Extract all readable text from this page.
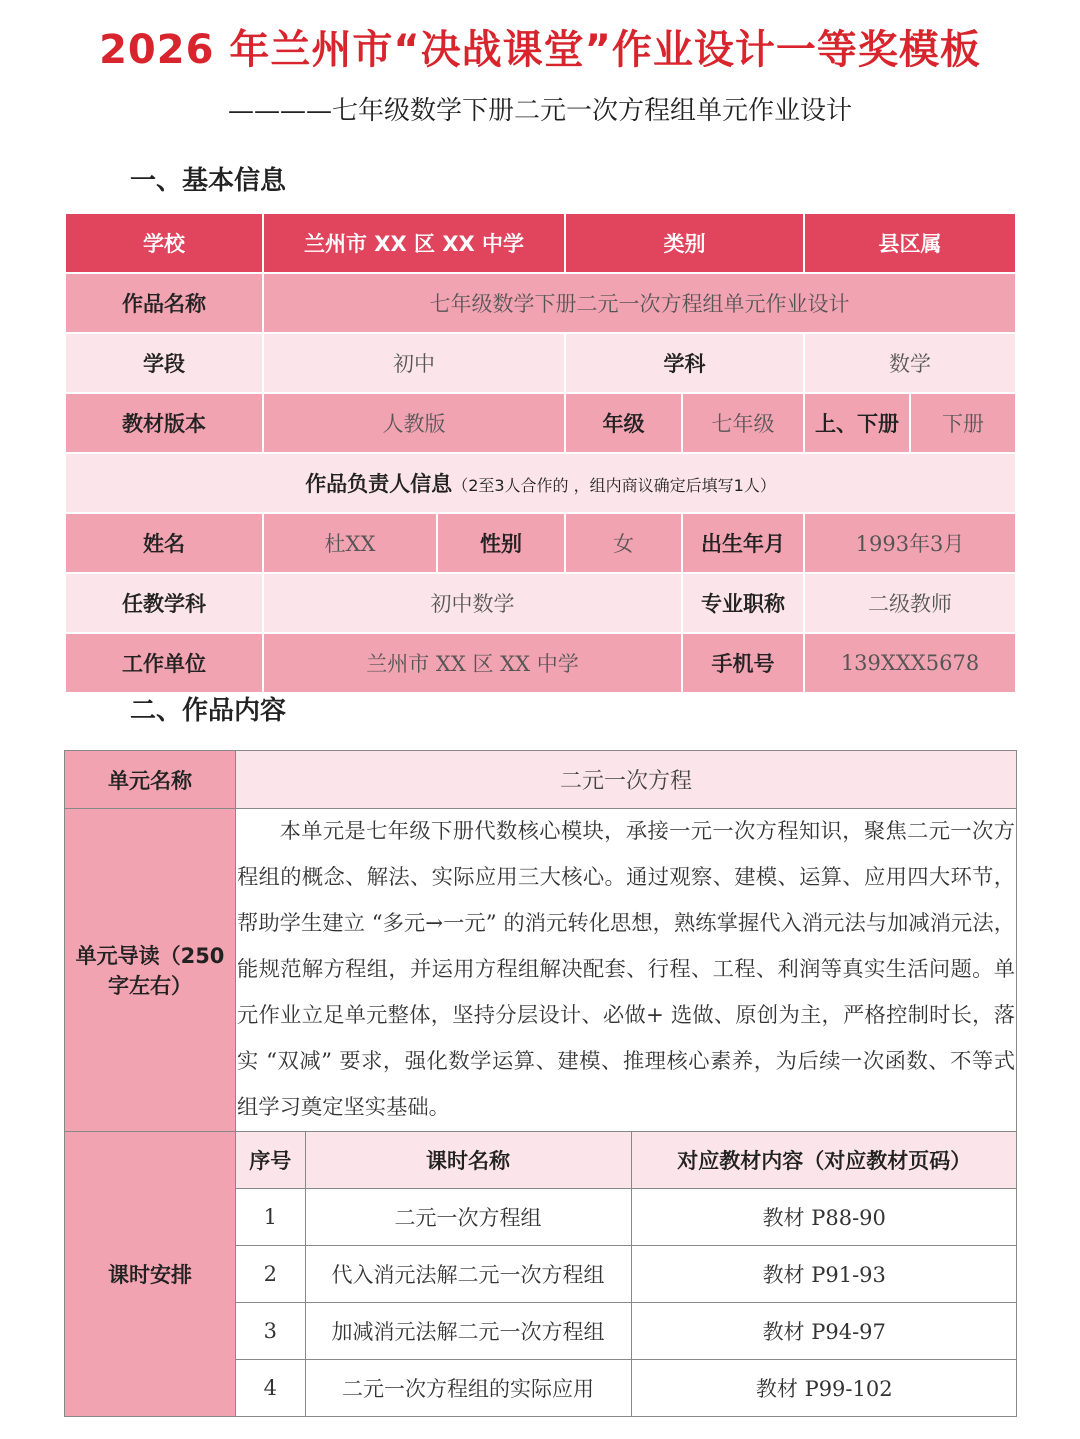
2026 年兰州市“决战课堂”作业设计一等奖模板
————七年级数学下册二元一次方程组单元作业设计
一、基本信息
学校	兰州市 XX 区 XX 中学		类别		县区属	
作品名称	七年级数学下册二元一次方程组单元作业设计					
学段	初中		学科		数学	
教材版本	人教版		年级	七年级	上、下册	下册
作品负责人信息（2至3人合作的 ，组内商议确定后填写1人）						
姓名	杜XX	性别	女	出生年月	1993年3月	
任教学科	初中数学			专业职称	二级教师	
工作单位	兰州市 XX 区 XX 中学			手机号	139XXX5678	
二、作品内容
单元名称	二元一次方程
单元导读（250字左右）	本单元是七年级下册代数核心模块，承接一元一次方程知识，聚焦二元一次方程组的概念、解法、实际应用三大核心。通过观察、建模、运算、应用四大环节，帮助学生建立 “多元→一元” 的消元转化思想，熟练掌握代入消元法与加减消元法，能规范解方程组，并运用方程组解决配套、行程、工程、利润等真实生活问题。单元作业立足单元整体，坚持分层设计、必做+ 选做、原创为主，严格控制时长，落实 “双减” 要求，强化数学运算、建模、推理核心素养，为后续一次函数、不等式组学习奠定坚实基础。
课时安排	
序号	课时名称	对应教材内容（对应教材页码）
1	二元一次方程组	教材 P88-90
2	代入消元法解二元一次方程组	教材 P91-93
3	加减消元法解二元一次方程组	教材 P94-97
4	二元一次方程组的实际应用	教材 P99-102
